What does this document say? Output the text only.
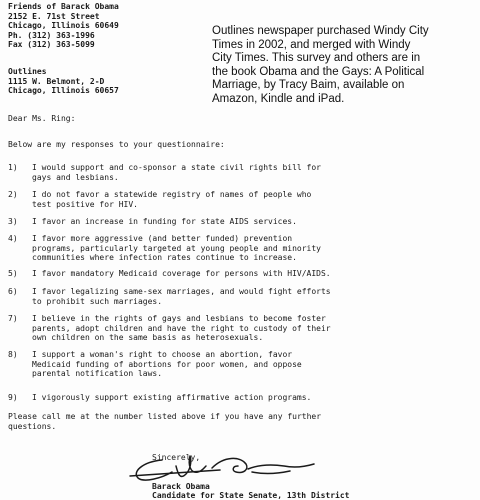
Friends of Barack Obama
2152 E. 71st Street
Chicago, Illinois 60649
Ph. (312) 363-1996
Fax (312) 363-5099
Outlines
1115 W. Belmont, 2-D
Chicago, Illinois 60657
Outlines newspaper purchased Windy City
Times in 2002, and merged with Windy
City Times. This survey and others are in
the book Obama and the Gays: A Political
Marriage, by Tracy Baim, available on
Amazon, Kindle and iPad.
Dear Ms. Ring:
Below are my responses to your questionnaire:
1) I would support and co-sponsor a state civil rights bill for
gays and lesbians.
2) I do not favor a statewide registry of names of people who
test positive for HIV.
3) I favor an increase in funding for state AIDS services.
4) I favor more aggressive (and better funded) prevention
programs, particularly targeted at young people and minority
communities where infection rates continue to increase.
5) I favor mandatory Medicaid coverage for persons with HIV/AIDS.
6) I favor legalizing same-sex marriages, and would fight efforts
to prohibit such marriages.
7) I believe in the rights of gays and lesbians to become foster
parents, adopt children and have the right to custody of their
own children on the same basis as heterosexuals.
8) I support a woman's right to choose an abortion, favor
Medicaid funding of abortions for poor women, and oppose
parental notification laws.
9) I vigorously support existing affirmative action programs.
Please call me at the number listed above if you have any further
questions.
Sincerely,
Barack Obama
Candidate for State Senate, 13th District
